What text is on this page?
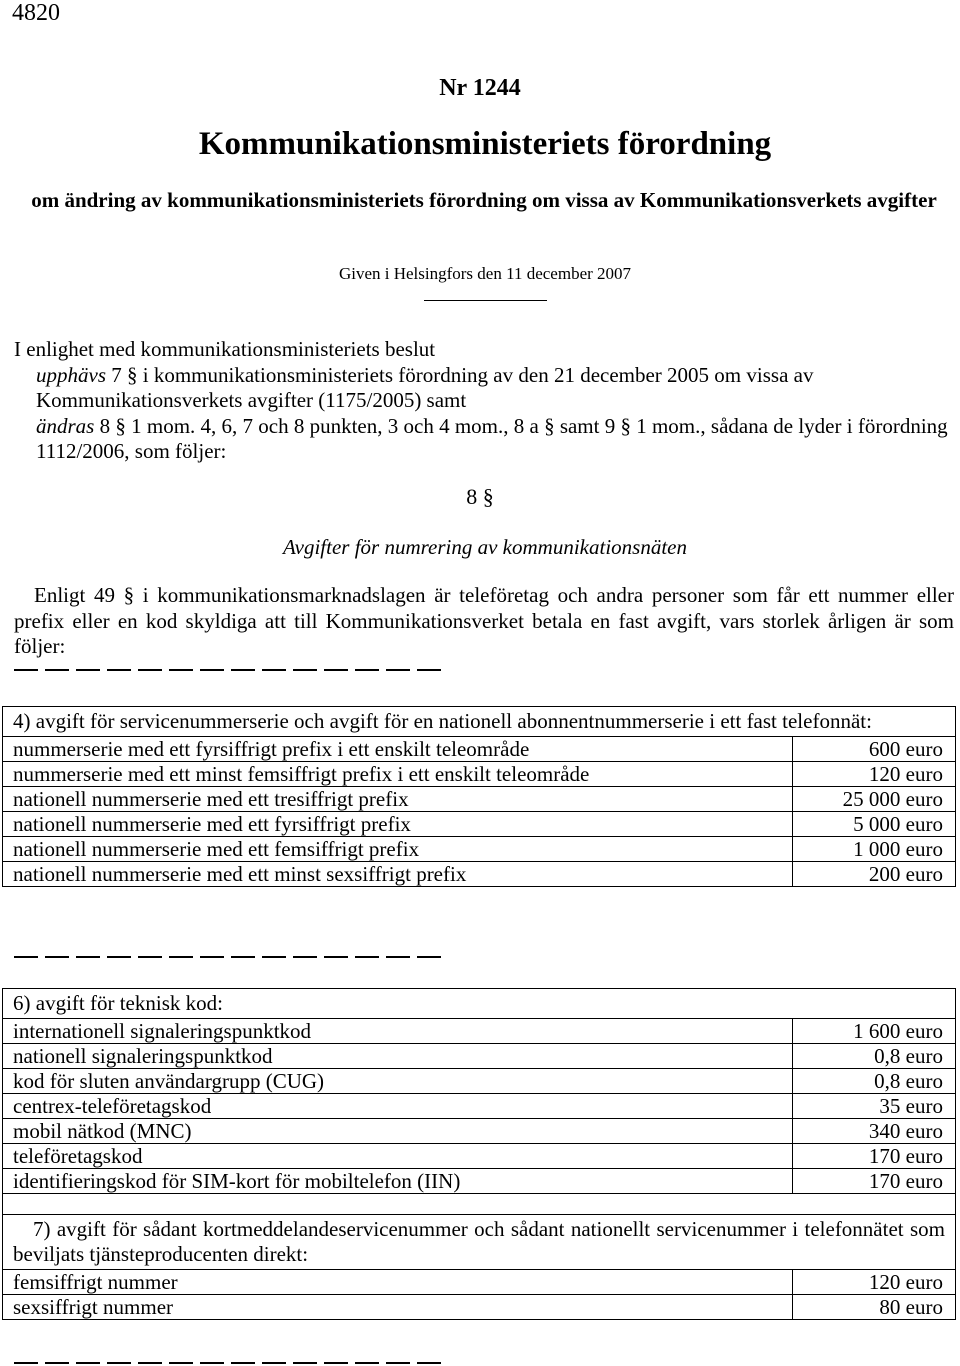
4820
Nr 1244
Kommunikationsministeriets förordning
om ändring av kommunikationsministeriets förordning om vissa av Kommunikationsverkets avgifter
Given i Helsingfors den 11 december 2007
I enlighet med kommunikationsministeriets beslut

upphävs 7 § i kommunikationsministeriets förordning av den 21 december 2005 om vissa av Kommunikationsverkets avgifter (1175/2005) samt
ändras 8 § 1 mom. 4, 6, 7 och 8 punkten, 3 och 4 mom., 8 a § samt 9 § 1 mom., sådana de lyder i förordning 1112/2006, som följer:
8 §
Avgifter för numrering av kommunikationsnäten
Enligt 49 § i kommunikationsmarknadslagen är teleföretag och andra personer som får ett nummer eller prefix eller en kod skyldiga att till Kommunikationsverket betala en fast avgift, vars storlek årligen är som följer:
4) avgift för servicenummerserie och avgift för en nationell abonnentnummerserie i ett fast telefonnät:	
nummerserie med ett fyrsiffrigt prefix i ett enskilt teleområde	600 euro
nummerserie med ett minst femsiffrigt prefix i ett enskilt teleområde	120 euro
nationell nummerserie med ett tresiffrigt prefix	25 000 euro
nationell nummerserie med ett fyrsiffrigt prefix	5 000 euro
nationell nummerserie med ett femsiffrigt prefix	1 000 euro
nationell nummerserie med ett minst sexsiffrigt prefix	200 euro
6) avgift för teknisk kod:	
internationell signaleringspunktkod	1 600 euro
nationell signaleringspunktkod	0,8 euro
kod för sluten användargrupp (CUG)	0,8 euro
centrex-teleföretagskod	35 euro
mobil nätkod (MNC)	340 euro
teleföretagskod	170 euro
identifieringskod för SIM-kort för mobiltelefon (IIN)	170 euro

7) avgift för sådant kortmeddelandeservicenummer och sådant nationellt servicenummer i telefonnätet som beviljats tjänsteproducenten direkt:	
femsiffrigt nummer	120 euro
sexsiffrigt nummer	80 euro
